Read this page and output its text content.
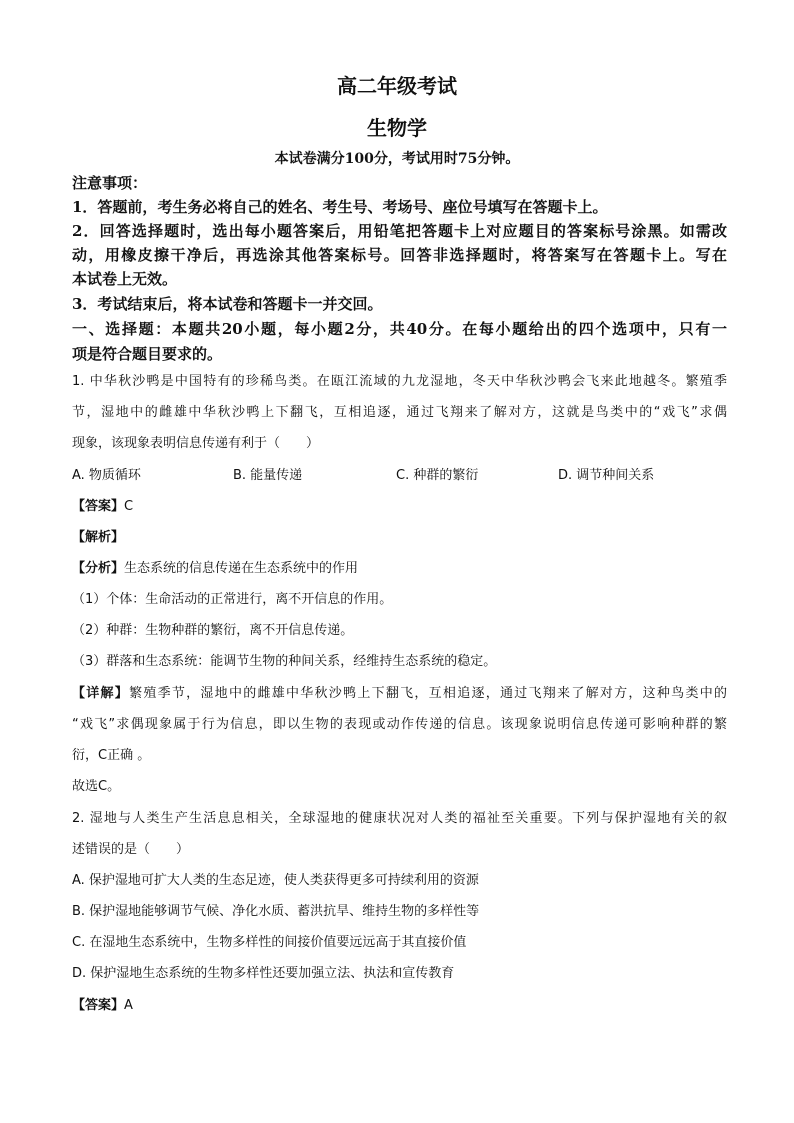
高二年级考试
生物学
本试卷满分100分，考试用时75分钟。
注意事项：
1．答题前，考生务必将自己的姓名、考生号、考场号、座位号填写在答题卡上。
2．回答选择题时，选出每小题答案后，用铅笔把答题卡上对应题目的答案标号涂黑。如需改
动，用橡皮擦干净后，再选涂其他答案标号。回答非选择题时，将答案写在答题卡上。写在
本试卷上无效。
3．考试结束后，将本试卷和答题卡一并交回。
一、选择题：本题共20小题，每小题2分，共40分。在每小题给出的四个选项中，只有一
项是符合题目要求的。
1. 中华秋沙鸭是中国特有的珍稀鸟类。在瓯江流域的九龙湿地，冬天中华秋沙鸭会飞来此地越冬。繁殖季
节，湿地中的雌雄中华秋沙鸭上下翻飞，互相追逐，通过飞翔来了解对方，这就是鸟类中的“戏飞”求偶
现象，该现象表明信息传递有利于（　　）
A. 物质循环	B. 能量传递	C. 种群的繁衍	D. 调节种间关系
【答案】C
【解析】
【分析】生态系统的信息传递在生态系统中的作用
（1）个体：生命活动的正常进行，离不开信息的作用。
（2）种群：生物种群的繁衍，离不开信息传递。
（3）群落和生态系统：能调节生物的种间关系，经维持生态系统的稳定。
【详解】繁殖季节，湿地中的雌雄中华秋沙鸭上下翻飞，互相追逐，通过飞翔来了解对方，这种鸟类中的
“戏飞”求偶现象属于行为信息，即以生物的表现或动作传递的信息。该现象说明信息传递可影响种群的繁
衍，C正确 。
故选C。
2. 湿地与人类生产生活息息相关，全球湿地的健康状况对人类的福祉至关重要。下列与保护湿地有关的叙
述错误的是（　　）
A. 保护湿地可扩大人类的生态足迹，使人类获得更多可持续利用的资源
B. 保护湿地能够调节气候、净化水质、蓄洪抗旱、维持生物的多样性等
C. 在湿地生态系统中，生物多样性的间接价值要远远高于其直接价值
D. 保护湿地生态系统的生物多样性还要加强立法、执法和宣传教育
【答案】A
